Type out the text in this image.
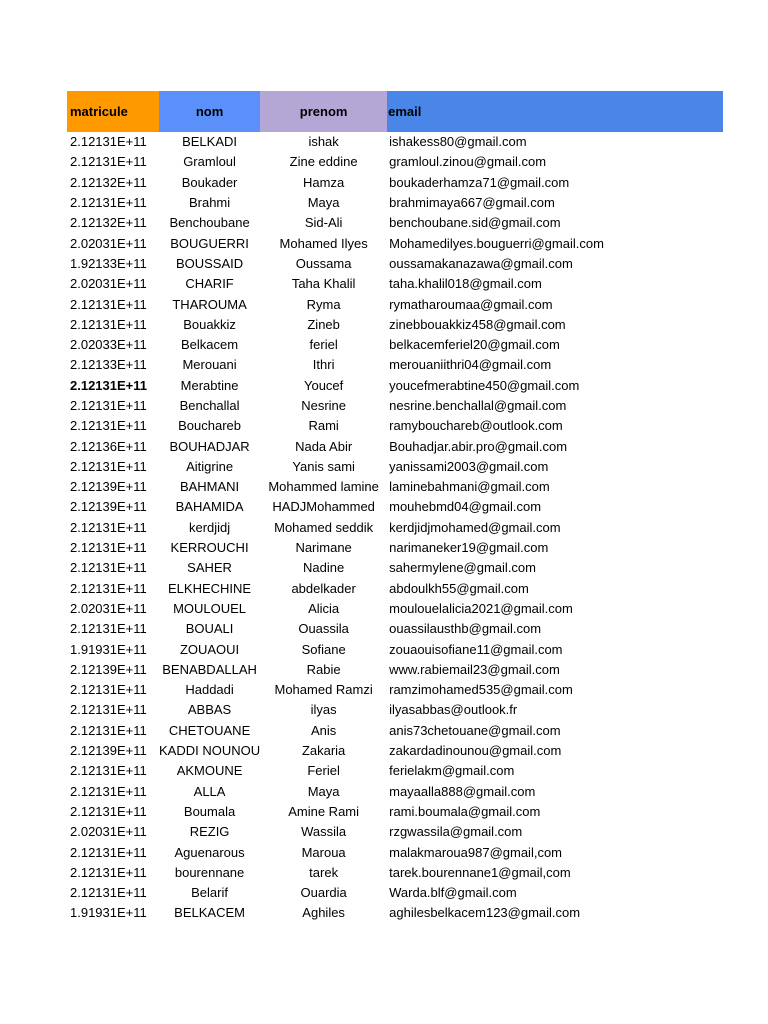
matricule	nom	prenom	email
2.12131E+11	BELKADI	ishak	ishakess80@gmail.com
2.12131E+11	Gramloul	Zine eddine	gramloul.zinou@gmail.com
2.12132E+11	Boukader	Hamza	boukaderhamza71@gmail.com
2.12131E+11	Brahmi	Maya	brahmimaya667@gmail.com
2.12132E+11	Benchoubane	Sid-Ali	benchoubane.sid@gmail.com
2.02031E+11	BOUGUERRI	Mohamed Ilyes	Mohamedilyes.bouguerri@gmail.com
1.92133E+11	BOUSSAID	Oussama	oussamakanazawa@gmail.com
2.02031E+11	CHARIF	Taha Khalil	taha.khalil018@gmail.com
2.12131E+11	THAROUMA	Ryma	rymatharoumaa@gmail.com
2.12131E+11	Bouakkiz	Zineb	zinebbouakkiz458@gmail.com
2.02033E+11	Belkacem	feriel	belkacemferiel20@gmail.com
2.12133E+11	Merouani	Ithri	merouaniithri04@gmail.com
2.12131E+11	Merabtine	Youcef	youcefmerabtine450@gmail.com
2.12131E+11	Benchallal	Nesrine	nesrine.benchallal@gmail.com
2.12131E+11	Bouchareb	Rami	ramybouchareb@outlook.com
2.12136E+11	BOUHADJAR	Nada Abir	Bouhadjar.abir.pro@gmail.com
2.12131E+11	Aitigrine	Yanis sami	yanissami2003@gmail.com
2.12139E+11	BAHMANI	Mohammed lamine	laminebahmani@gmail.com
2.12139E+11	BAHAMIDA	HADJMohammed	mouhebmd04@gmail.com
2.12131E+11	kerdjidj	Mohamed seddik	kerdjidjmohamed@gmail.com
2.12131E+11	KERROUCHI	Narimane	narimaneker19@gmail.com
2.12131E+11	SAHER	Nadine	sahermylene@gmail.com
2.12131E+11	ELKHECHINE	abdelkader	abdoulkh55@gmail.com
2.02031E+11	MOULOUEL	Alicia	moulouelalicia2021@gmail.com
2.12131E+11	BOUALI	Ouassila	ouassilausthb@gmail.com
1.91931E+11	ZOUAOUI	Sofiane	zouaouisofiane11@gmail.com
2.12139E+11	BENABDALLAH	Rabie	www.rabiemail23@gmail.com
2.12131E+11	Haddadi	Mohamed Ramzi	ramzimohamed535@gmail.com
2.12131E+11	ABBAS	ilyas	ilyasabbas@outlook.fr
2.12131E+11	CHETOUANE	Anis	anis73chetouane@gmail.com
2.12139E+11	KADDI NOUNOU	Zakaria	zakardadinounou@gmail.com
2.12131E+11	AKMOUNE	Feriel	ferielakm@gmail.com
2.12131E+11	ALLA	Maya	mayaalla888@gmail.com
2.12131E+11	Boumala	Amine Rami	rami.boumala@gmail.com
2.02031E+11	REZIG	Wassila	rzgwassila@gmail.com
2.12131E+11	Aguenarous	Maroua	malakmaroua987@gmail,com
2.12131E+11	bourennane	tarek	tarek.bourennane1@gmail,com
2.12131E+11	Belarif	Ouardia	Warda.blf@gmail.com
1.91931E+11	BELKACEM	Aghiles	aghilesbelkacem123@gmail.com
